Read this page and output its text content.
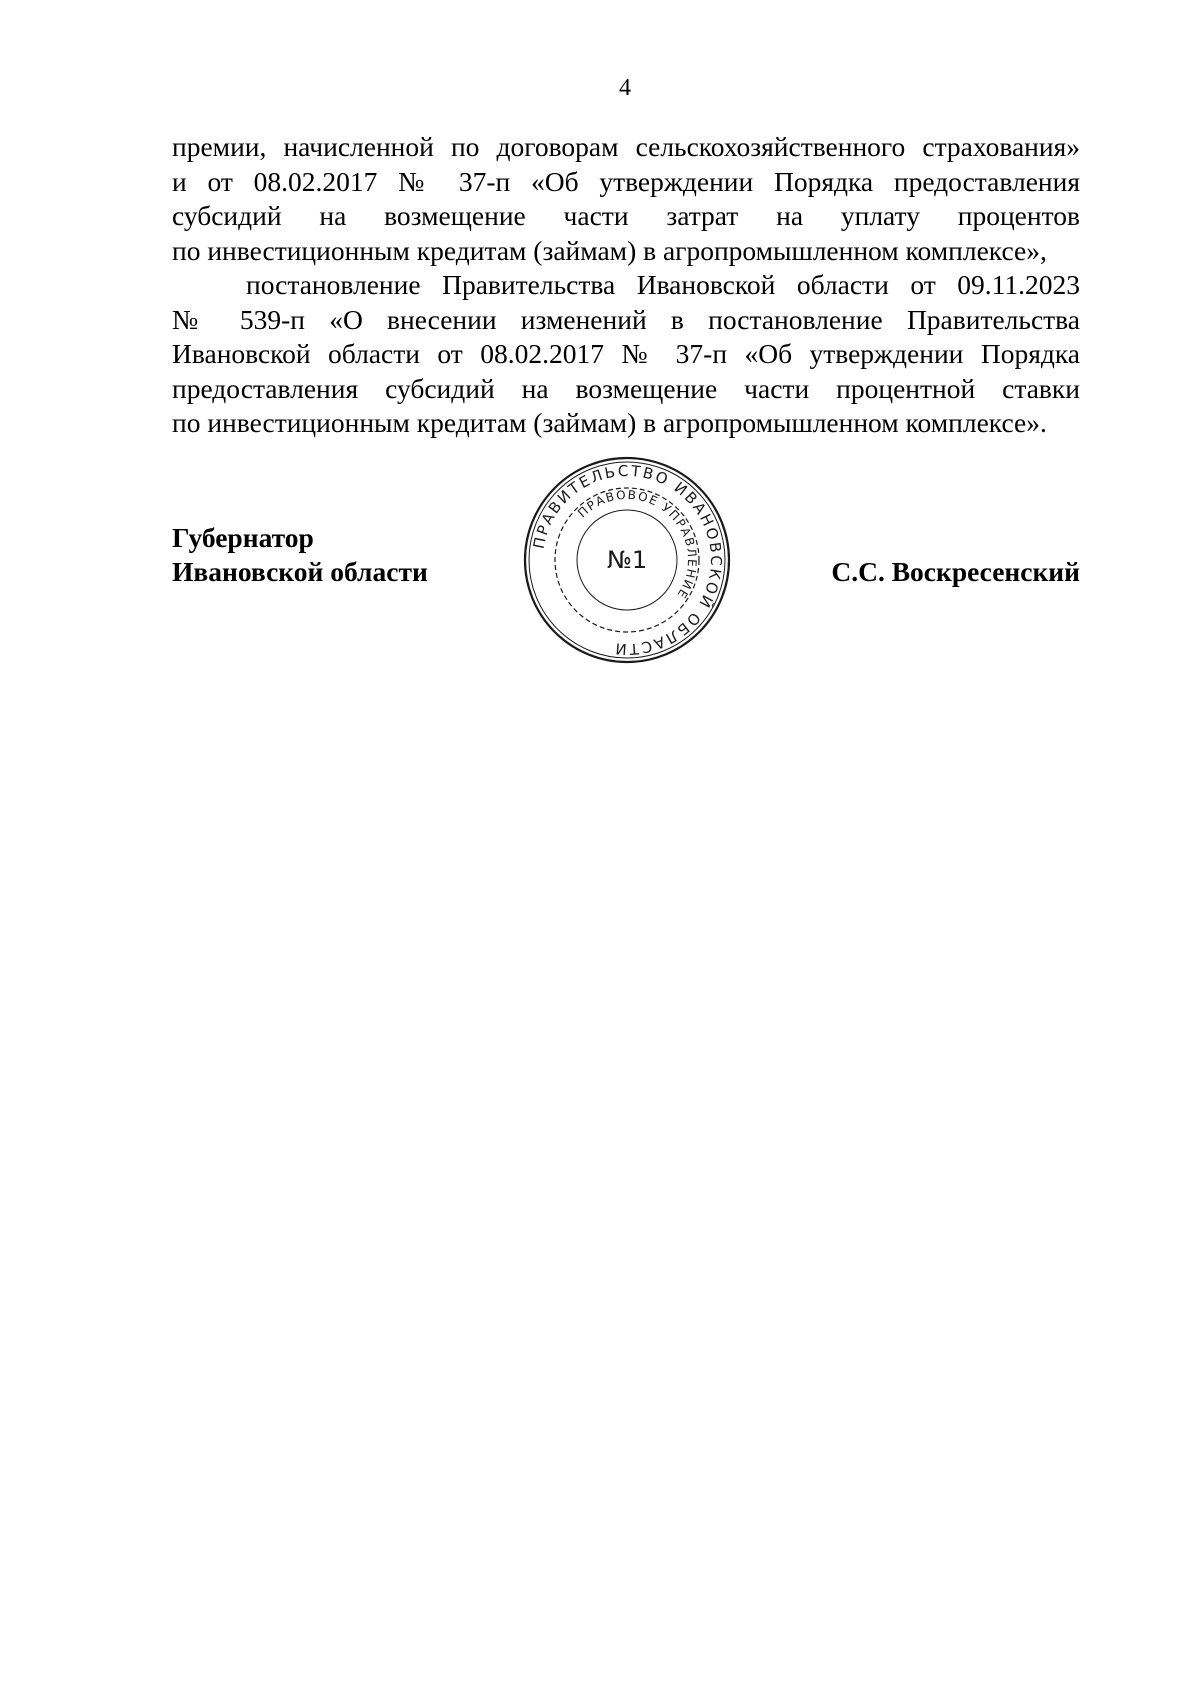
4
премии, начисленной по договорам сельскохозяйственного страхования»
и от 08.02.2017 № 37-п «Об утверждении Порядка предоставления
субсидий на возмещение части затрат на уплату процентов
по инвестиционным кредитам (займам) в агропромышленном комплексе»,
постановление Правительства Ивановской области от 09.11.2023
№ 539-п «О внесении изменений в постановление Правительства
Ивановской области от 08.02.2017 № 37-п «Об утверждении Порядка
предоставления субсидий на возмещение части процентной ставки
по инвестиционным кредитам (займам) в агропромышленном комплексе».
Губернатор
Ивановской области
ПРАВИТЕЛЬСТВО ИВАНОВСКОЙ ОБЛАСТИ
ПРАВОВОЕ УПРАВЛЕНИЕ
№1	С.С. Воскресенский
